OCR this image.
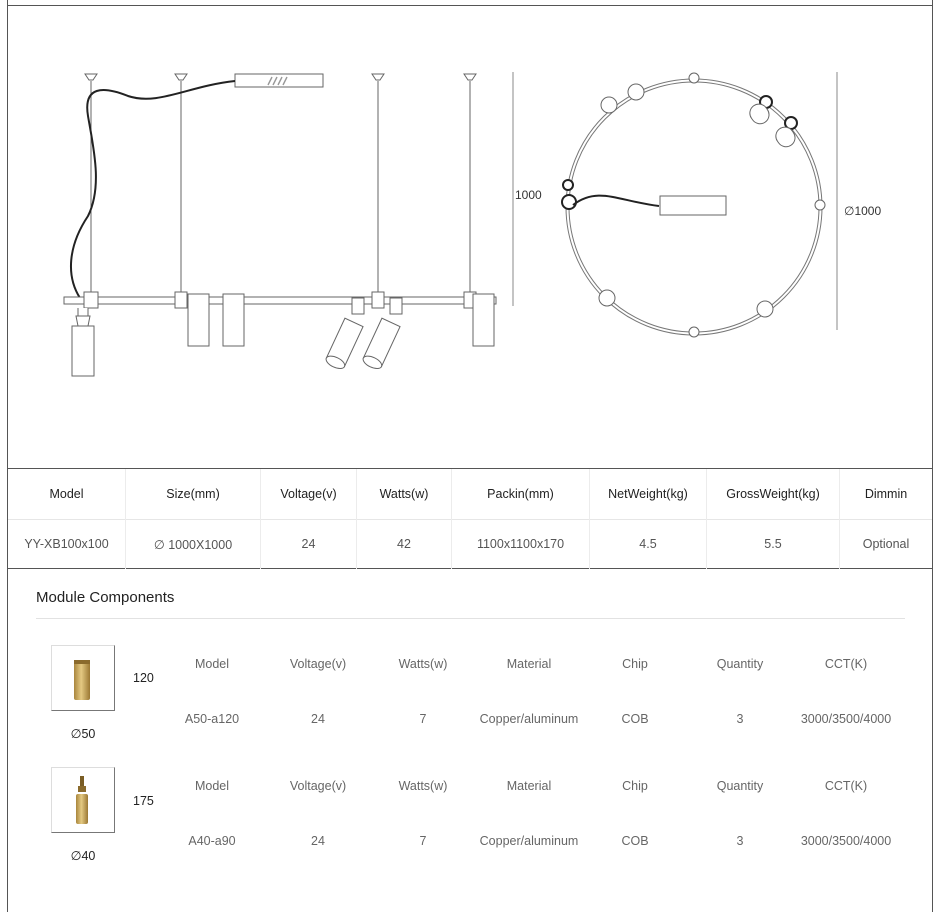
1000
∅1000
Model	Size(mm)	Voltage(v)	Watts(w)	Packin(mm)	NetWeight(kg)	GrossWeight(kg)	Dimmin
YY-XB100x100	∅ 1000X1000	24	42	1100x1100x170	4.5	5.5	Optional
Module Components
120
∅50
Model	Voltage(v)	Watts(w)	Material	Chip	Quantity	CCT(K)
A50-a120	24	7	Copper/aluminum	COB	3	3000/3500/4000
175
∅40
Model	Voltage(v)	Watts(w)	Material	Chip	Quantity	CCT(K)
A40-a90	24	7	Copper/aluminum	COB	3	3000/3500/4000
